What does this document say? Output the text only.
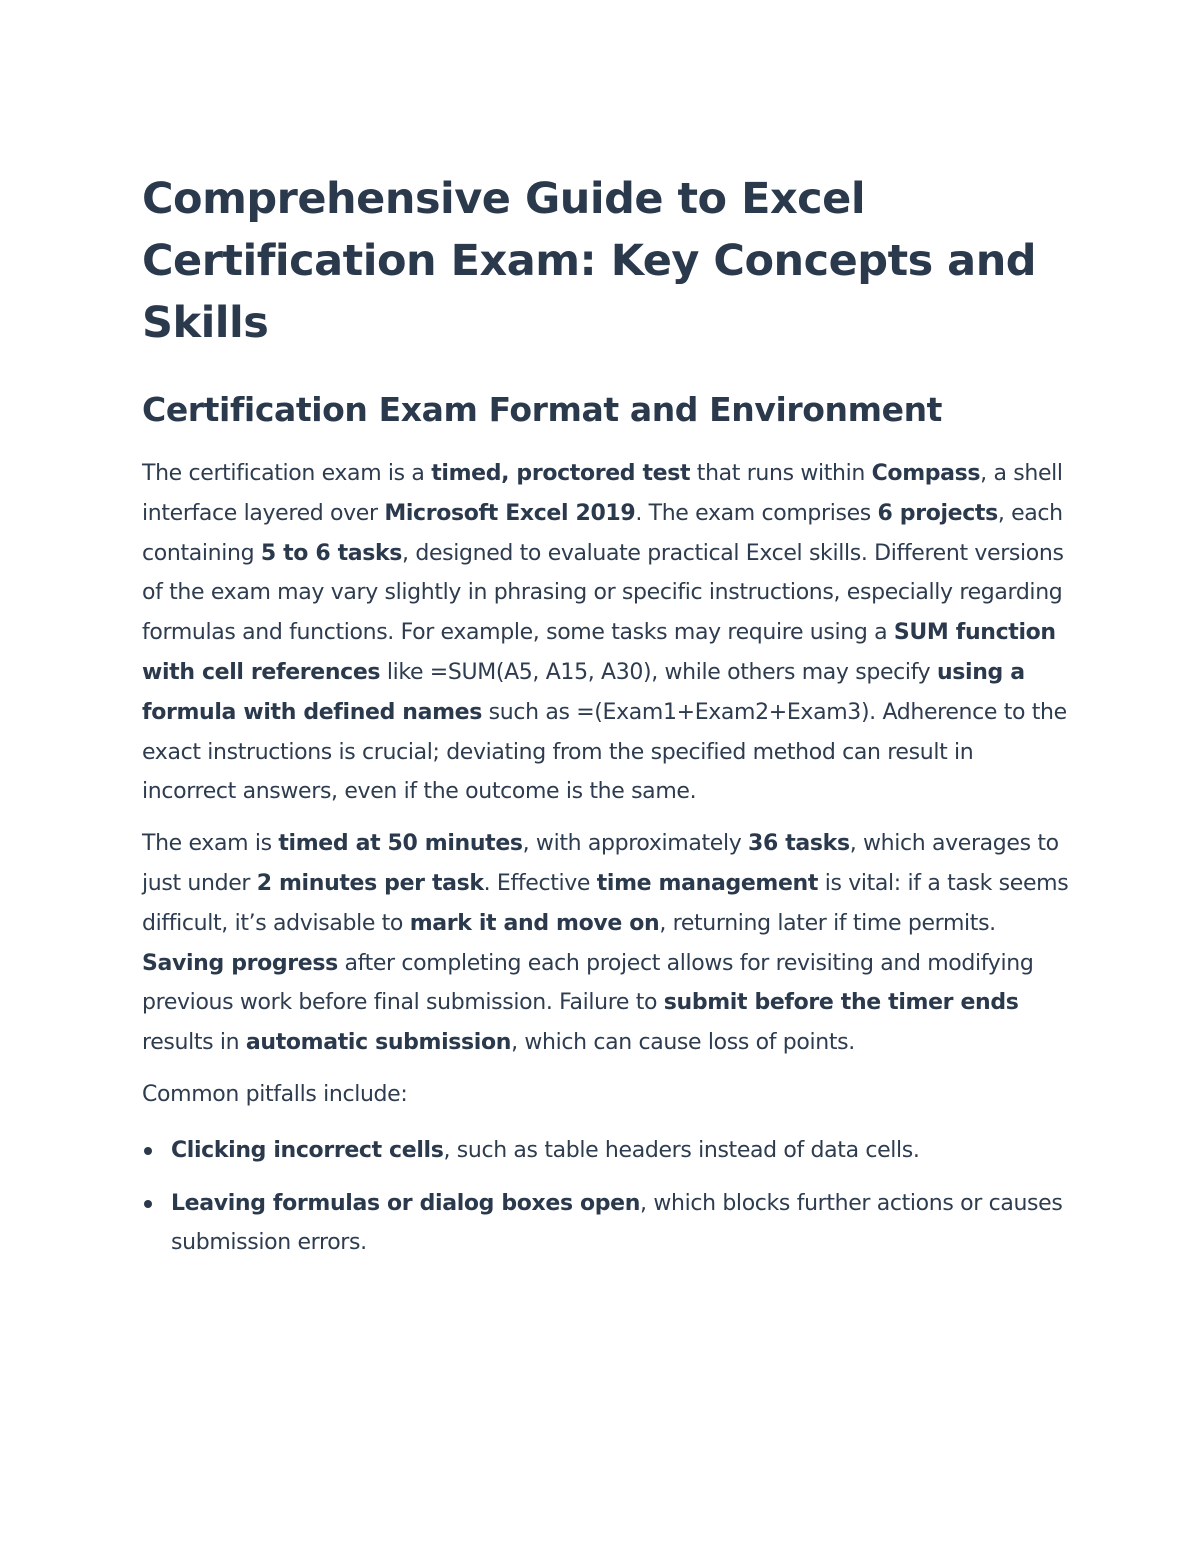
Comprehensive Guide to Excel Certification Exam: Key Concepts and Skills
Certification Exam Format and Environment

The certification exam is a timed, proctored test that runs within Compass, a shell interface layered over Microsoft Excel 2019. The exam comprises 6 projects, each containing 5 to 6 tasks, designed to evaluate practical Excel skills. Different versions of the exam may vary slightly in phrasing or specific instructions, especially regarding formulas and functions. For example, some tasks may require using a SUM function with cell references like =SUM(A5, A15, A30), while others may specify using a formula with defined names such as =(Exam1+Exam2+Exam3). Adherence to the exact instructions is crucial; deviating from the specified method can result in incorrect answers, even if the outcome is the same.

The exam is timed at 50 minutes, with approximately 36 tasks, which averages to just under 2 minutes per task. Effective time management is vital: if a task seems difficult, it’s advisable to mark it and move on, returning later if time permits. Saving progress after completing each project allows for revisiting and modifying previous work before final submission. Failure to submit before the timer ends results in automatic submission, which can cause loss of points.

Common pitfalls include:

Clicking incorrect cells, such as table headers instead of data cells.
Leaving formulas or dialog boxes open, which blocks further actions or causes submission errors.
